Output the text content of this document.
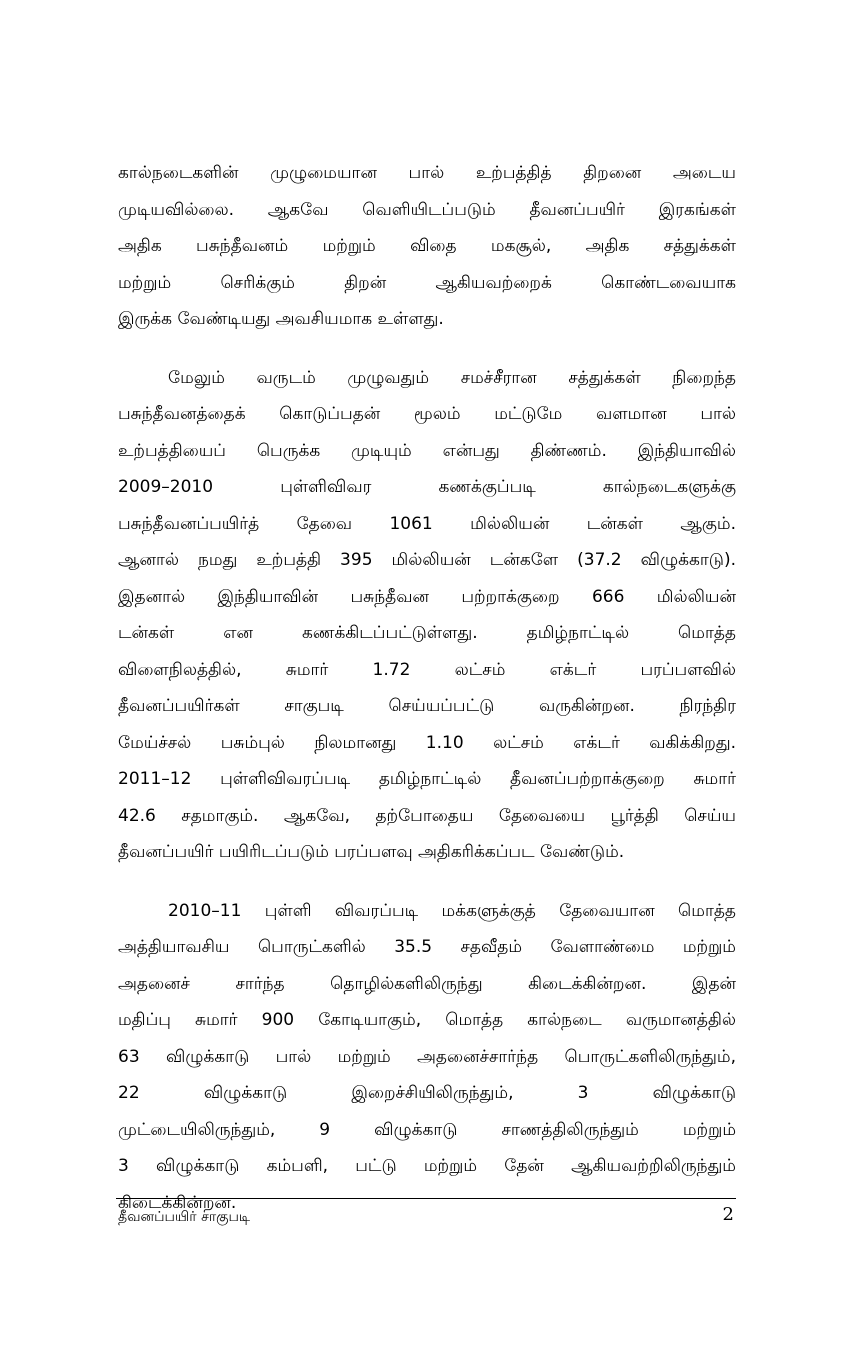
கால்நடைகளின் முழுமையான பால் உற்பத்தித் திறனை அடைய
முடியவில்லை. ஆகவே வெளியிடப்படும் தீவனப்பயிர் இரகங்கள்
அதிக பசுந்தீவனம் மற்றும் விதை மகசூல், அதிக சத்துக்கள்
மற்றும் செரிக்கும் திறன் ஆகியவற்றைக் கொண்டவையாக
இருக்க வேண்டியது அவசியமாக உள்ளது.
மேலும் வருடம் முழுவதும் சமச்சீரான சத்துக்கள் நிறைந்த
பசுந்தீவனத்தைக் கொடுப்பதன் மூலம் மட்டுமே வளமான பால்
உற்பத்தியைப் பெருக்க முடியும் என்பது திண்ணம். இந்தியாவில்
2009–2010 புள்ளிவிவர கணக்குப்படி கால்நடைகளுக்கு
பசுந்தீவனப்பயிர்த் தேவை 1061 மில்லியன் டன்கள் ஆகும்.
ஆனால் நமது உற்பத்தி 395 மில்லியன் டன்களே (37.2 விழுக்காடு).
இதனால் இந்தியாவின் பசுந்தீவன பற்றாக்குறை 666 மில்லியன்
டன்கள் என கணக்கிடப்பட்டுள்ளது. தமிழ்நாட்டில் மொத்த
விளைநிலத்தில், சுமார் 1.72 லட்சம் எக்டர் பரப்பளவில்
தீவனப்பயிர்கள் சாகுபடி செய்யப்பட்டு வருகின்றன. நிரந்திர
மேய்ச்சல் பசும்புல் நிலமானது 1.10 லட்சம் எக்டர் வகிக்கிறது.
2011–12 புள்ளிவிவரப்படி தமிழ்நாட்டில் தீவனப்பற்றாக்குறை சுமார்
42.6 சதமாகும். ஆகவே, தற்போதைய தேவையை பூர்த்தி செய்ய
தீவனப்பயிர் பயிரிடப்படும் பரப்பளவு அதிகரிக்கப்பட வேண்டும்.
2010–11 புள்ளி விவரப்படி மக்களுக்குத் தேவையான மொத்த
அத்தியாவசிய பொருட்களில் 35.5 சதவீதம் வேளாண்மை மற்றும்
அதனைச் சார்ந்த தொழில்களிலிருந்து கிடைக்கின்றன. இதன்
மதிப்பு சுமார் 900 கோடியாகும், மொத்த கால்நடை வருமானத்தில்
63 விழுக்காடு பால் மற்றும் அதனைச்சார்ந்த பொருட்களிலிருந்தும்,
22 விழுக்காடு இறைச்சியிலிருந்தும், 3 விழுக்காடு
முட்டையிலிருந்தும், 9 விழுக்காடு சாணத்திலிருந்தும் மற்றும்
3 விழுக்காடு கம்பளி, பட்டு மற்றும் தேன் ஆகியவற்றிலிருந்தும்
கிடைக்கின்றன.
தீவனப்பயிர் சாகுபடி	2
